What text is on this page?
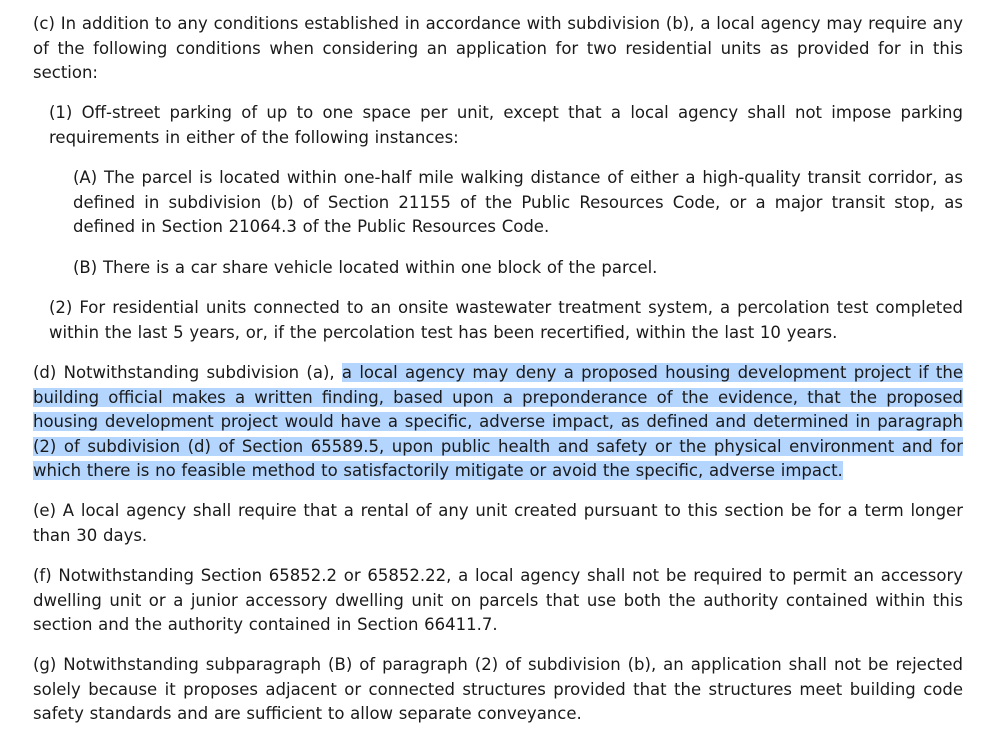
(c) In addition to any conditions established in accordance with subdivision (b), a local agency may require any of the following conditions when considering an application for two residential units as provided for in this section:

(1) Off-street parking of up to one space per unit, except that a local agency shall not impose parking requirements in either of the following instances:

(A) The parcel is located within one-half mile walking distance of either a high-quality transit corridor, as defined in subdivision (b) of Section 21155 of the Public Resources Code, or a major transit stop, as defined in Section 21064.3 of the Public Resources Code.

(B) There is a car share vehicle located within one block of the parcel.

(2) For residential units connected to an onsite wastewater treatment system, a percolation test completed within the last 5 years, or, if the percolation test has been recertified, within the last 10 years.

(d) Notwithstanding subdivision (a), a local agency may deny a proposed housing development project if the building official makes a written finding, based upon a preponderance of the evidence, that the proposed housing development project would have a specific, adverse impact, as defined and determined in paragraph (2) of subdivision (d) of Section 65589.5, upon public health and safety or the physical environment and for which there is no feasible method to satisfactorily mitigate or avoid the specific, adverse impact.

(e) A local agency shall require that a rental of any unit created pursuant to this section be for a term longer than 30 days.

(f) Notwithstanding Section 65852.2 or 65852.22, a local agency shall not be required to permit an accessory dwelling unit or a junior accessory dwelling unit on parcels that use both the authority contained within this section and the authority contained in Section 66411.7.

(g) Notwithstanding subparagraph (B) of paragraph (2) of subdivision (b), an application shall not be rejected solely because it proposes adjacent or connected structures provided that the structures meet building code safety standards and are sufficient to allow separate conveyance.
